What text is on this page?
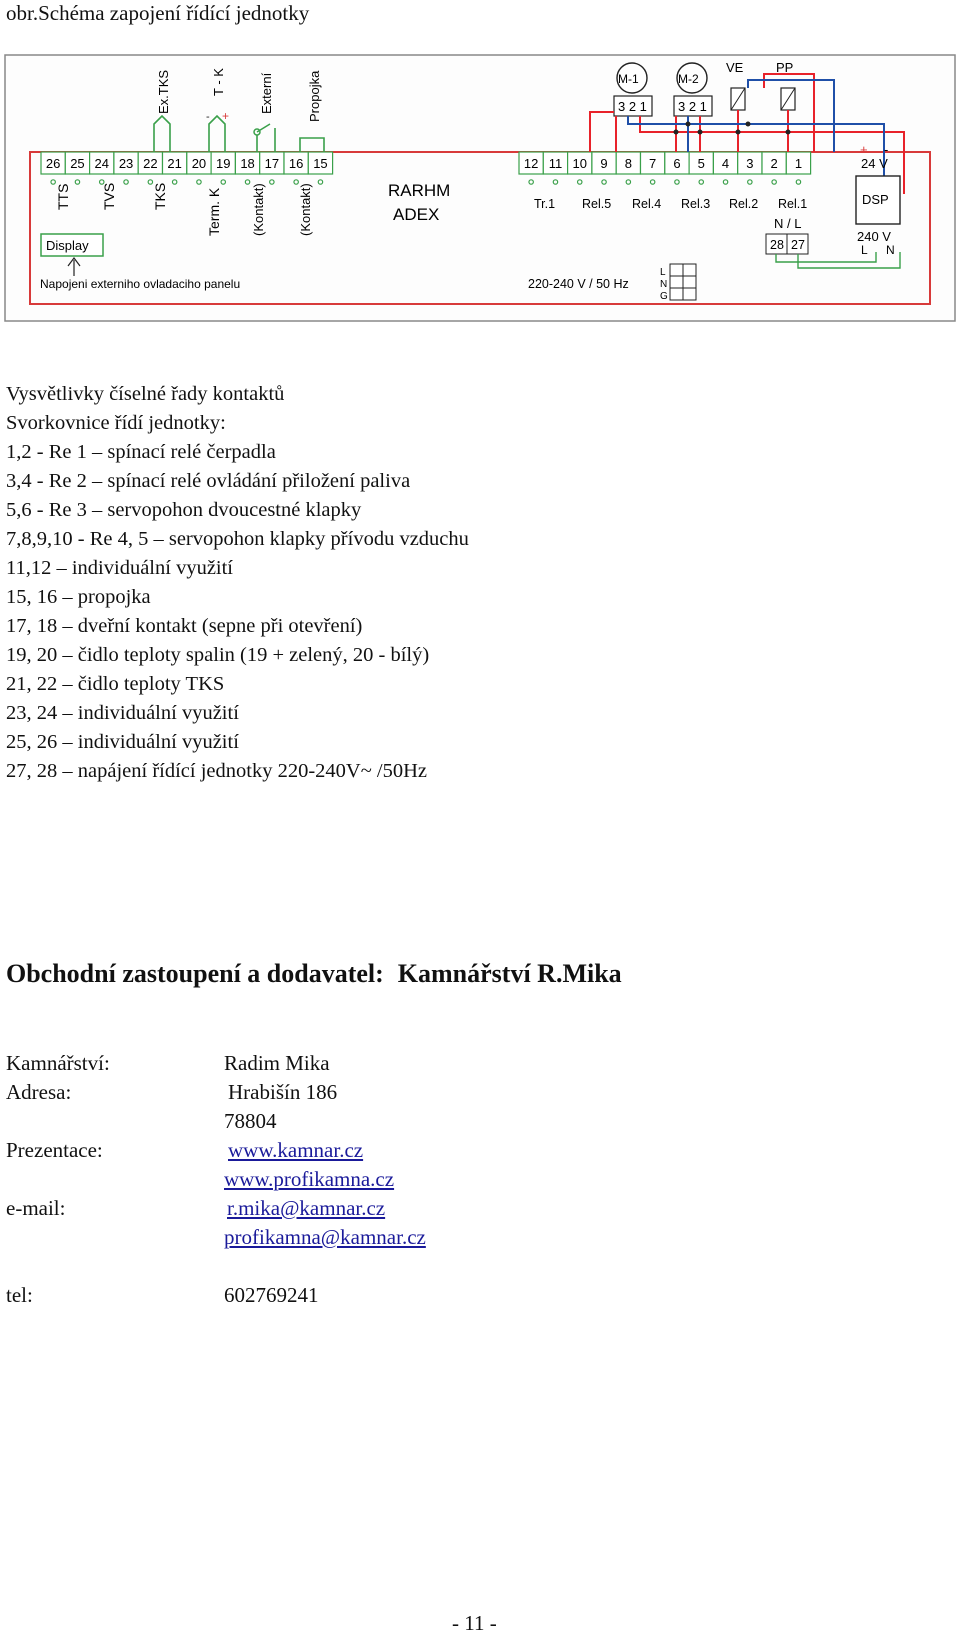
obr.Schéma zapojení řídící jednotky
26 25 24 23 22 21 20 19 18 17 16 15	12 11 10 9 8 7 6 5 4 3 2 1
Ex.TKS	T - K	Externí	Propojka
- +
TTS TVS	TKS	Term. K (Kontakt) (Kontakt)	RARHM
ADEX
Display
Napojeni externiho ovladaciho panelu
M-1	M-2
3 2 1 3 2 1
VE	PP
Tr.1 Rel.5 Rel.4 Rel.3 Rel.2 Rel.1
N / L
28 27
+ -
24 V
DSP
240 V
L N
220-240 V / 50 Hz
L
N
G
Vysvětlivky číselné řady kontaktů
Svorkovnice řídí jednotky:
1,2 - Re 1 – spínací relé čerpadla
3,4 - Re 2 – spínací relé ovládání přiložení paliva
5,6 - Re 3 – servopohon dvoucestné klapky
7,8,9,10 - Re 4, 5 – servopohon klapky přívodu vzduchu
11,12 – individuální využití
15, 16 – propojka
17, 18 – dveřní kontakt (sepne při otevření)
19, 20 – čidlo teploty spalin (19 + zelený, 20 - bílý)
21, 22 – čidlo teploty TKS
23, 24 – individuální využití
25, 26 – individuální využití
27, 28 – napájení řídící jednotky 220-240V~ /50Hz
Obchodní zastoupení a dodavatel: Kamnářství R.Mika
Kamnářství:	Radim Mika
Adresa:	Hrabišín 186
78804
Prezentace:	www.kamnar.cz
www.profikamna.cz
e-mail:	r.mika@kamnar.cz
profikamna@kamnar.cz
tel:	602769241
- 11 -
